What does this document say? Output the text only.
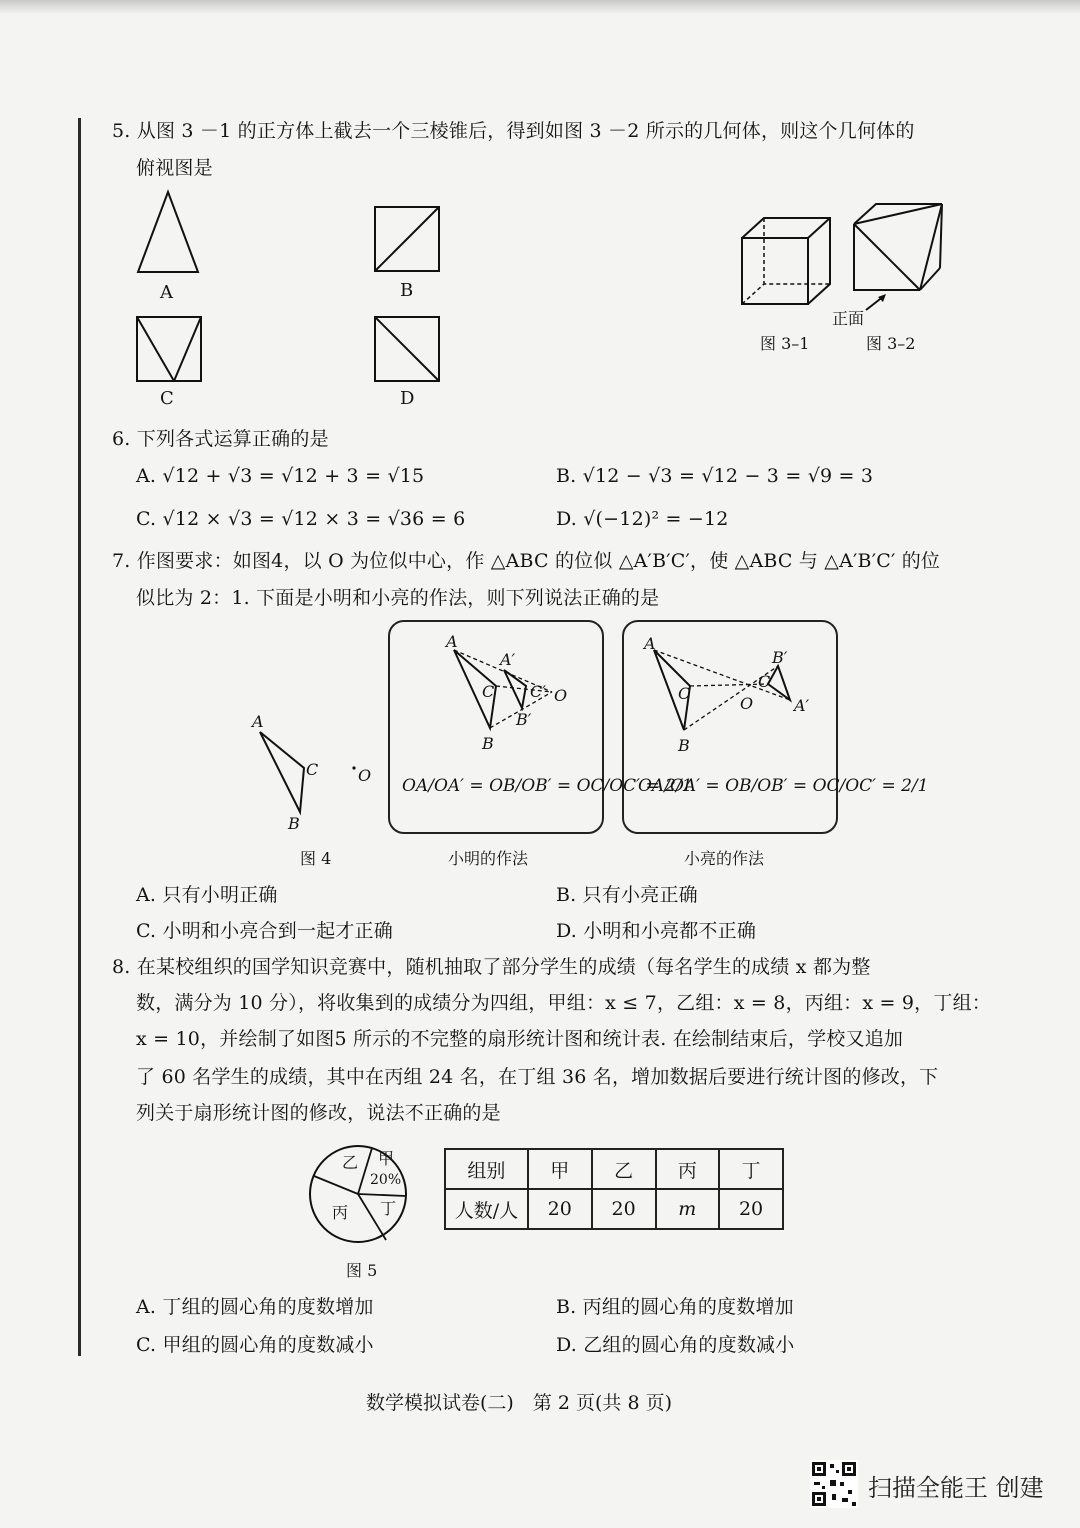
5. 从图 3 －1 的正方体上截去一个三棱锥后，得到如图 3 －2 所示的几何体，则这个几何体的
俯视图是
A	B
C	D
正面
图 3–1	图 3–2
6. 下列各式运算正确的是
A. √12 + √3 = √12 + 3 = √15	B. √12 − √3 = √12 − 3 = √9 = 3
C. √12 × √3 = √12 × 3 = √36 = 6	D. √(−12)² = −12
7. 作图要求：如图4，以 O 为位似中心，作 △ABC 的位似 △A′B′C′，使 △ABC 与 △A′B′C′ 的位
似比为 2：1. 下面是小明和小亮的作法，则下列说法正确的是
A
C
B
O
图 4
A
A′
C C′ O
B′
B
OA/OA′ = OB/OB′ = OC/OC′ = 2/1
小明的作法
A
B′
C
C′
O	A′
B
OA/OA′ = OB/OB′ = OC/OC′ = 2/1
小亮的作法
A. 只有小明正确	B. 只有小亮正确
C. 小明和小亮合到一起才正确	D. 小明和小亮都不正确
8. 在某校组织的国学知识竞赛中，随机抽取了部分学生的成绩（每名学生的成绩 x 都为整
数，满分为 10 分），将收集到的成绩分为四组，甲组：x ≤ 7，乙组：x = 8，丙组：x = 9，丁组：
x = 10，并绘制了如图5 所示的不完整的扇形统计图和统计表. 在绘制结束后，学校又追加
了 60 名学生的成绩，其中在丙组 24 名，在丁组 36 名，增加数据后要进行统计图的修改，下
列关于扇形统计图的修改，说法不正确的是
乙 甲
20%
丙 丁
图 5
组别	甲	乙	丙	丁
人数/人	20	20	m	20
A. 丁组的圆心角的度数增加	B. 丙组的圆心角的度数增加
C. 甲组的圆心角的度数减小	D. 乙组的圆心角的度数减小
数学模拟试卷(二)　第 2 页(共 8 页)
扫描全能王 创建
